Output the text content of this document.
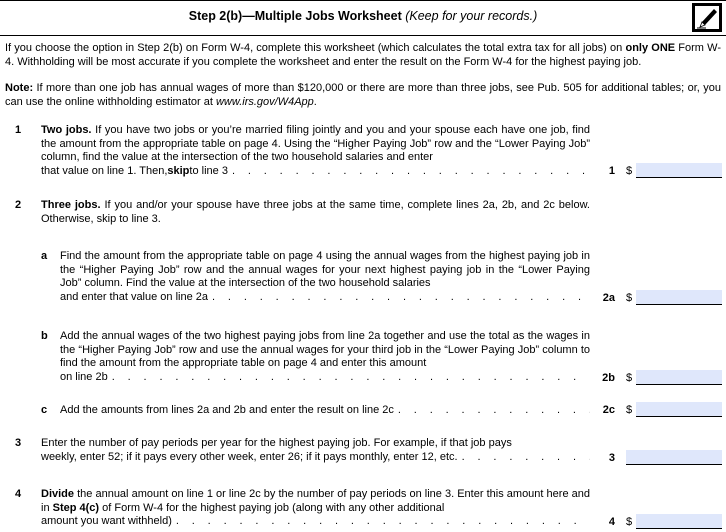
Step 2(b)—Multiple Jobs Worksheet (Keep for your records.)
If you choose the option in Step 2(b) on Form W-4, complete this worksheet (which calculates the total extra tax for all jobs) on only ONE Form W-4. Withholding will be most accurate if you complete the worksheet and enter the result on the Form W-4 for the highest paying job.
Note: If more than one job has annual wages of more than $120,000 or there are more than three jobs, see Pub. 505 for additional tables; or, you can use the online withholding estimator at www.irs.gov/W4App.
1 Two jobs. If you have two jobs or you’re married filing jointly and you and your spouse each have one job, find the amount from the appropriate table on page 4. Using the “Higher Paying Job” row and the “Lower Paying Job” column, find the value at the intersection of the two household salaries and enter
that value on line 1. Then, skip to line 3 . . .	1 $
2 Three jobs. If you and/or your spouse have three jobs at the same time, complete lines 2a, 2b, and 2c below. Otherwise, skip to line 3.
a Find the amount from the appropriate table on page 4 using the annual wages from the highest paying job in the “Higher Paying Job” row and the annual wages for your next highest paying job in the “Lower Paying Job” column. Find the value at the intersection of the two household salaries
and enter that value on line 2a . . .	2a $
b Add the annual wages of the two highest paying jobs from line 2a together and use the total as the wages in the “Higher Paying Job” row and use the annual wages for your third job in the “Lower Paying Job” column to find the amount from the appropriate table on page 4 and enter this amount
on line 2b . . .	2b $
c Add the amounts from lines 2a and 2b and enter the result on line 2c . . .	2c $
3 Enter the number of pay periods per year for the highest paying job. For example, if that job pays
weekly, enter 52; if it pays every other week, enter 26; if it pays monthly, enter 12, etc. . . .	3
4 Divide the annual amount on line 1 or line 2c by the number of pay periods on line 3. Enter this amount here and in Step 4(c) of Form W-4 for the highest paying job (along with any other additional
amount you want withheld) . . .	4 $
